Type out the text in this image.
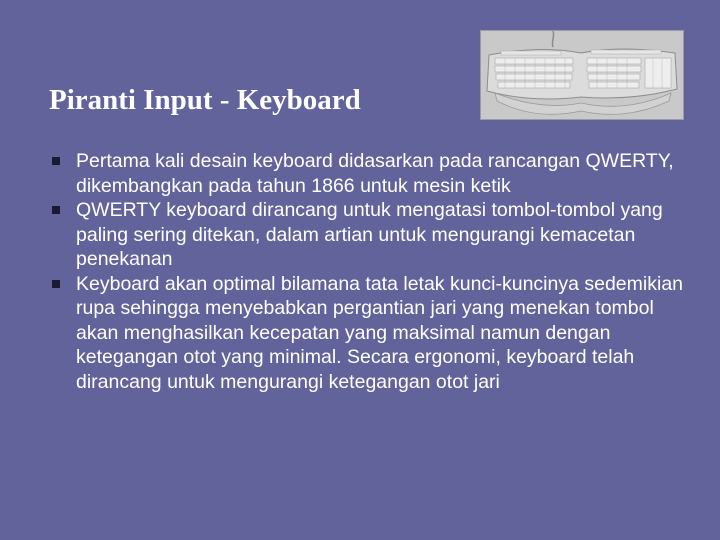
Piranti Input - Keyboard
Pertama kali desain keyboard didasarkan pada rancangan QWERTY, dikembangkan pada tahun 1866 untuk mesin ketik
QWERTY keyboard dirancang untuk mengatasi tombol-tombol yang paling sering ditekan, dalam artian untuk mengurangi kemacetan penekanan
Keyboard akan optimal bilamana tata letak kunci-kuncinya sedemikian rupa sehingga menyebabkan pergantian jari yang menekan tombol akan menghasilkan kecepatan yang maksimal namun dengan ketegangan otot yang minimal. Secara ergonomi, keyboard telah dirancang untuk mengurangi ketegangan otot jari
